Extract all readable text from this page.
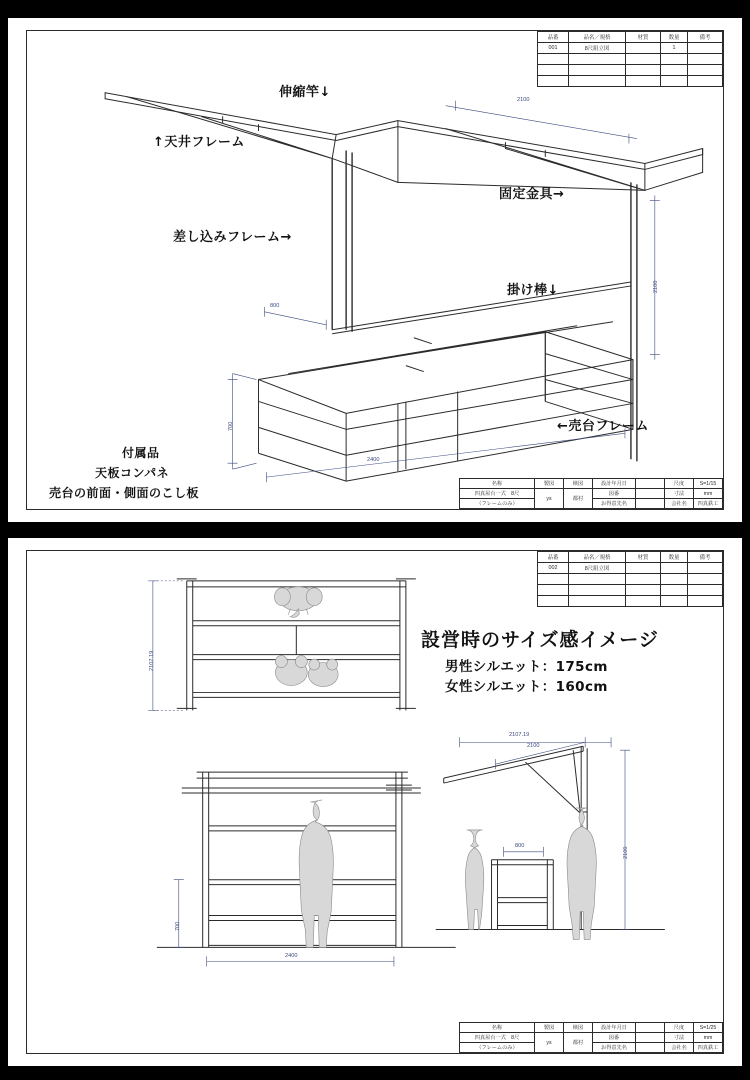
品番	品名／規格	材質	数量	備考
001	8尺組立図		1	

伸縮竿↓
↑天井フレーム
差し込みフレーム→
固定金具→
掛け棒↓
←売台フレーム
付属品
天板コンパネ
売台の前面・側面のこし板
2100
2100
800
700
2400
名称	製図	検図	設計年月日		尺度	S=1/15
四真屋台一式　8尺	ys	都村	図番		寸法	mm
（フレームのみ）			お得意先名		会社名	四真鉄工
品番	品名／規格	材質	数量	備考
002	8尺組立図			

設営時のサイズ感イメージ
男性シルエット：175cm
女性シルエット：160cm
2107.19
2107.19
2100
2100
800
700
2400
名称	製図	検図	設計年月日		尺度	S=1/25
四真屋台一式　8尺	ys	都村	図番		寸法	mm
（フレームのみ）			お得意先名		会社名	四真鉄工
